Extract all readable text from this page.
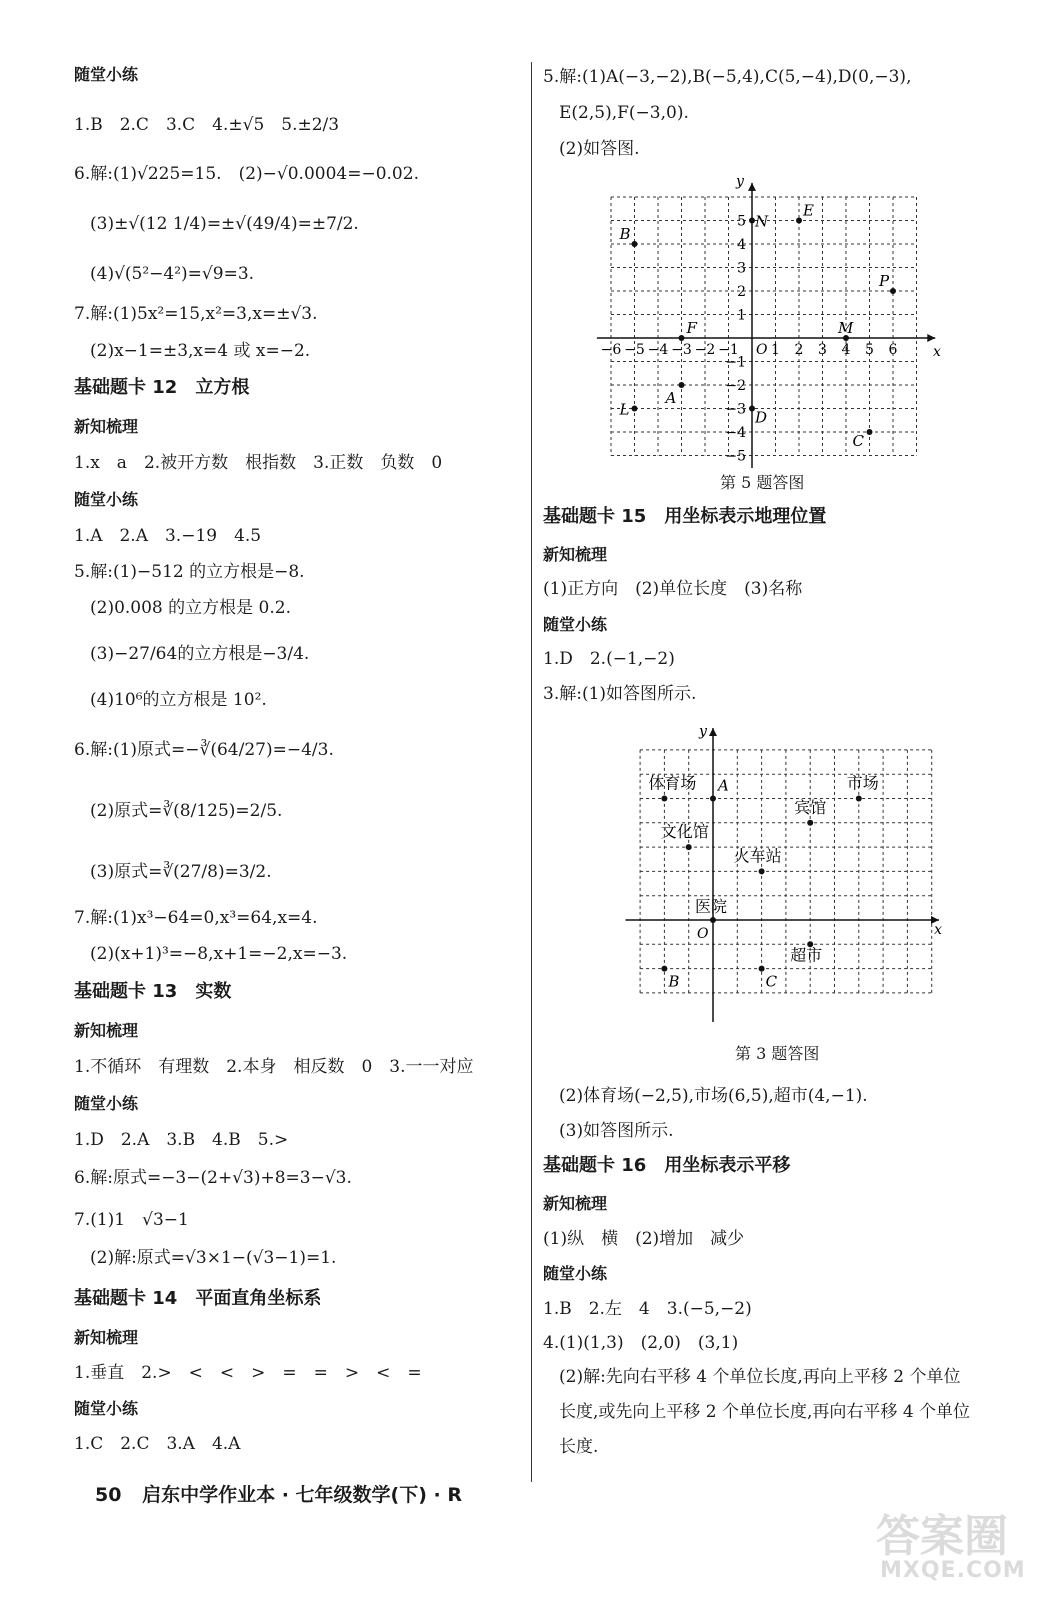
随堂小练
1.B　2.C　3.C　4.±√5　5.±2/3
6.解:(1)√225=15.　(2)−√0.0004=−0.02.
(3)±√(12 1/4)=±√(49/4)=±7/2.
(4)√(5²−4²)=√9=3.
7.解:(1)5x²=15,x²=3,x=±√3.
(2)x−1=±3,x=4 或 x=−2.
基础题卡 12　立方根
新知梳理
1.x　a　2.被开方数　根指数　3.正数　负数　0
随堂小练
1.A　2.A　3.−19　4.5
5.解:(1)−512 的立方根是−8.
(2)0.008 的立方根是 0.2.
(3)−27/64的立方根是−3/4.
(4)10⁶的立方根是 10².
6.解:(1)原式=−∛(64/27)=−4/3.
(2)原式=∛(8/125)=2/5.
(3)原式=∛(27/8)=3/2.
7.解:(1)x³−64=0,x³=64,x=4.
(2)(x+1)³=−8,x+1=−2,x=−3.
基础题卡 13　实数
新知梳理
1.不循环　有理数　2.本身　相反数　0　3.一一对应
随堂小练
1.D　2.A　3.B　4.B　5.>
6.解:原式=−3−(2+√3)+8=3−√3.
7.(1)1　√3−1
(2)解:原式=√3×1−(√3−1)=1.
基础题卡 14　平面直角坐标系
新知梳理
1.垂直　2.>　<　<　>　=　=　>　<　=
随堂小练
1.C　2.C　3.A　4.A
5.解:(1)A(−3,−2),B(−5,4),C(5,−4),D(0,−3),
E(2,5),F(−3,0).
(2)如答图.
基础题卡 15　用坐标表示地理位置
新知梳理
(1)正方向　(2)单位长度　(3)名称
随堂小练
1.D　2.(−1,−2)
3.解:(1)如答图所示.
(2)体育场(−2,5),市场(6,5),超市(4,−1).
(3)如答图所示.
基础题卡 16　用坐标表示平移
新知梳理
(1)纵　横　(2)增加　减少
随堂小练
1.B　2.左　4　3.(−5,−2)
4.(1)(1,3)　(2,0)　(3,1)
(2)解:先向右平移 4 个单位长度,再向上平移 2 个单位
长度,或先向上平移 2 个单位长度,再向右平移 4 个单位
长度.
x
y
O
−6 −5 −4 −3 −2 −1 1 2 3 4 5 6
5
4
3
2
1
−1
−2
−3
−4
−5
A
B
C
D
E
F
N
M
P
L
第 5 题答图
x
y
O
体育场 A	市场
宾馆
文化馆
火车站
医院
超市
B	C
第 3 题答图
50 启东中学作业本 · 七年级数学(下) · R
答案圈
MXQE.COM
